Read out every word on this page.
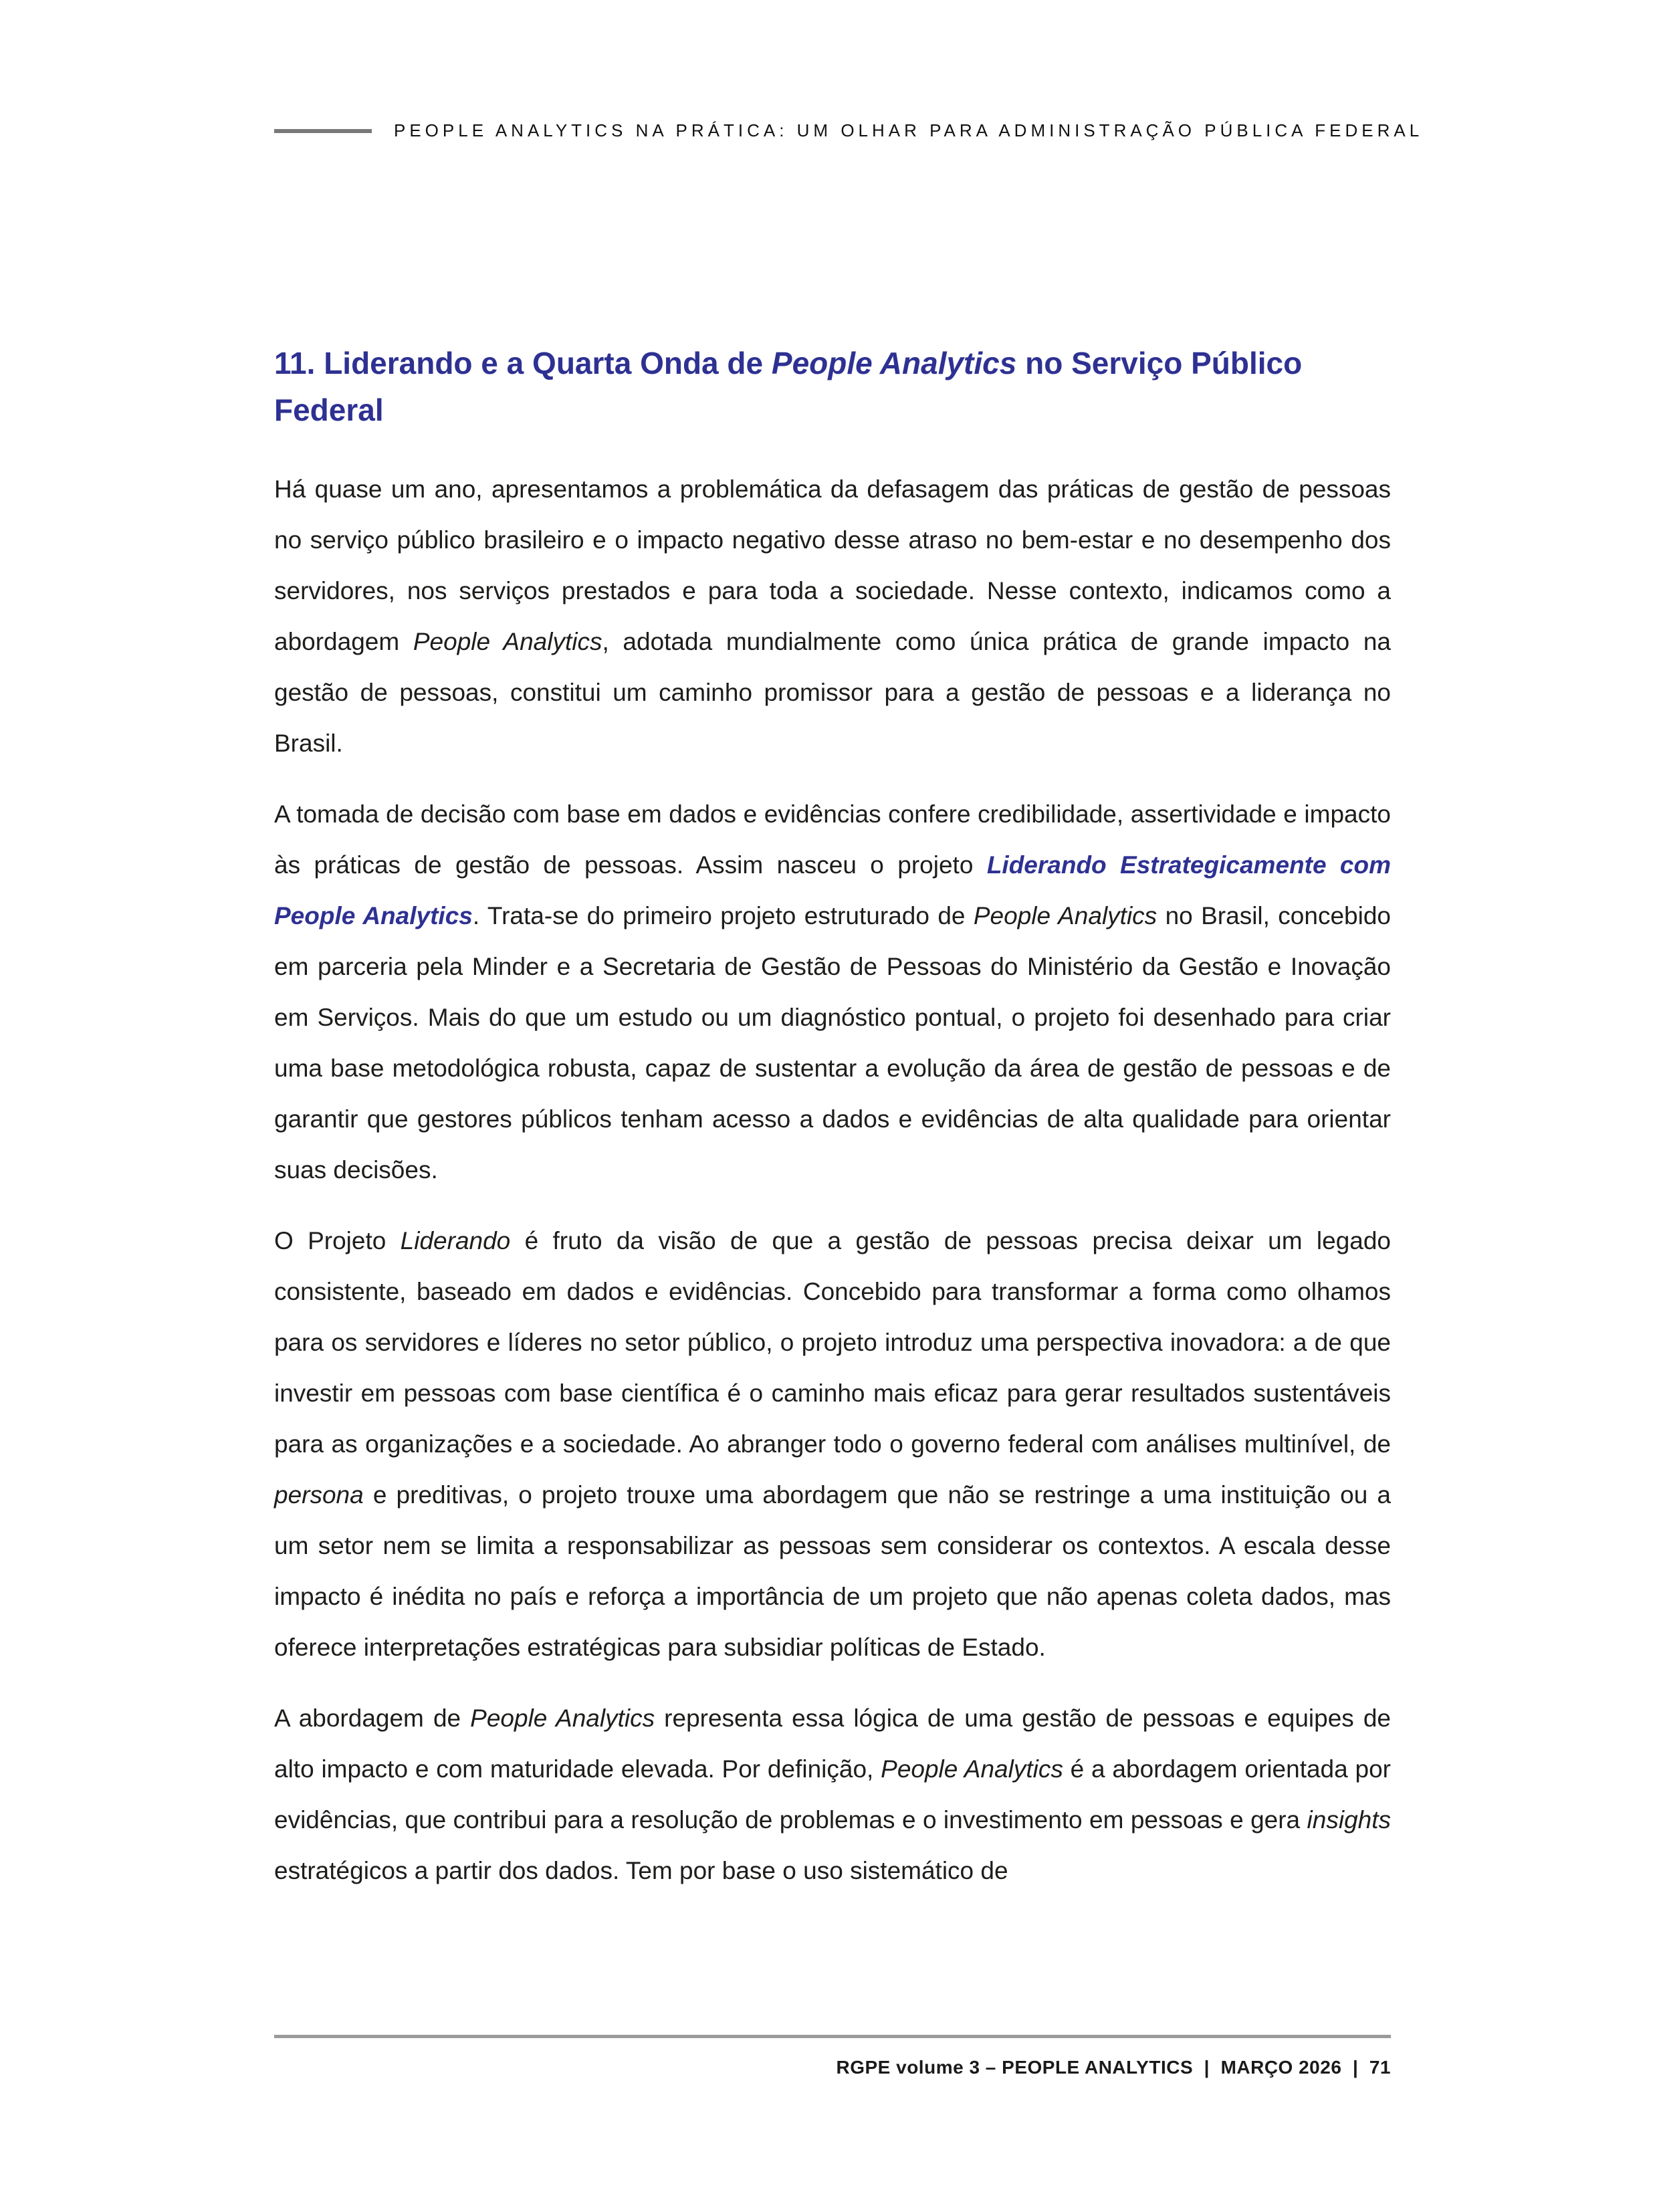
PEOPLE ANALYTICS NA PRÁTICA: UM OLHAR PARA ADMINISTRAÇÃO PÚBLICA FEDERAL
11. Liderando e a Quarta Onda de People Analytics no Serviço Público Federal

Há quase um ano, apresentamos a problemática da defasagem das práticas de gestão de pessoas no serviço público brasileiro e o impacto negativo desse atraso no bem-estar e no desempenho dos servidores, nos serviços prestados e para toda a sociedade. Nesse contexto, indicamos como a abordagem People Analytics, adotada mundialmente como única prática de grande impacto na gestão de pessoas, constitui um caminho promissor para a gestão de pessoas e a liderança no Brasil.

A tomada de decisão com base em dados e evidências confere credibilidade, assertividade e impacto às práticas de gestão de pessoas. Assim nasceu o projeto Liderando Estrategicamente com People Analytics. Trata-se do primeiro projeto estruturado de People Analytics no Brasil, concebido em parceria pela Minder e a Secretaria de Gestão de Pessoas do Ministério da Gestão e Inovação em Serviços. Mais do que um estudo ou um diagnóstico pontual, o projeto foi desenhado para criar uma base metodológica robusta, capaz de sustentar a evolução da área de gestão de pessoas e de garantir que gestores públicos tenham acesso a dados e evidências de alta qualidade para orientar suas decisões.

O Projeto Liderando é fruto da visão de que a gestão de pessoas precisa deixar um legado consistente, baseado em dados e evidências. Concebido para transformar a forma como olhamos para os servidores e líderes no setor público, o projeto introduz uma perspectiva inovadora: a de que investir em pessoas com base científica é o caminho mais eficaz para gerar resultados sustentáveis para as organizações e a sociedade. Ao abranger todo o governo federal com análises multinível, de persona e preditivas, o projeto trouxe uma abordagem que não se restringe a uma instituição ou a um setor nem se limita a responsabilizar as pessoas sem considerar os contextos. A escala desse impacto é inédita no país e reforça a importância de um projeto que não apenas coleta dados, mas oferece interpretações estratégicas para subsidiar políticas de Estado.

A abordagem de People Analytics representa essa lógica de uma gestão de pessoas e equipes de alto impacto e com maturidade elevada. Por definição, People Analytics é a abordagem orientada por evidências, que contribui para a resolução de problemas e o investimento em pessoas e gera insights estratégicos a partir dos dados. Tem por base o uso sistemático de

RGPE volume 3 – PEOPLE ANALYTICS  |  MARÇO 2026  |  71
